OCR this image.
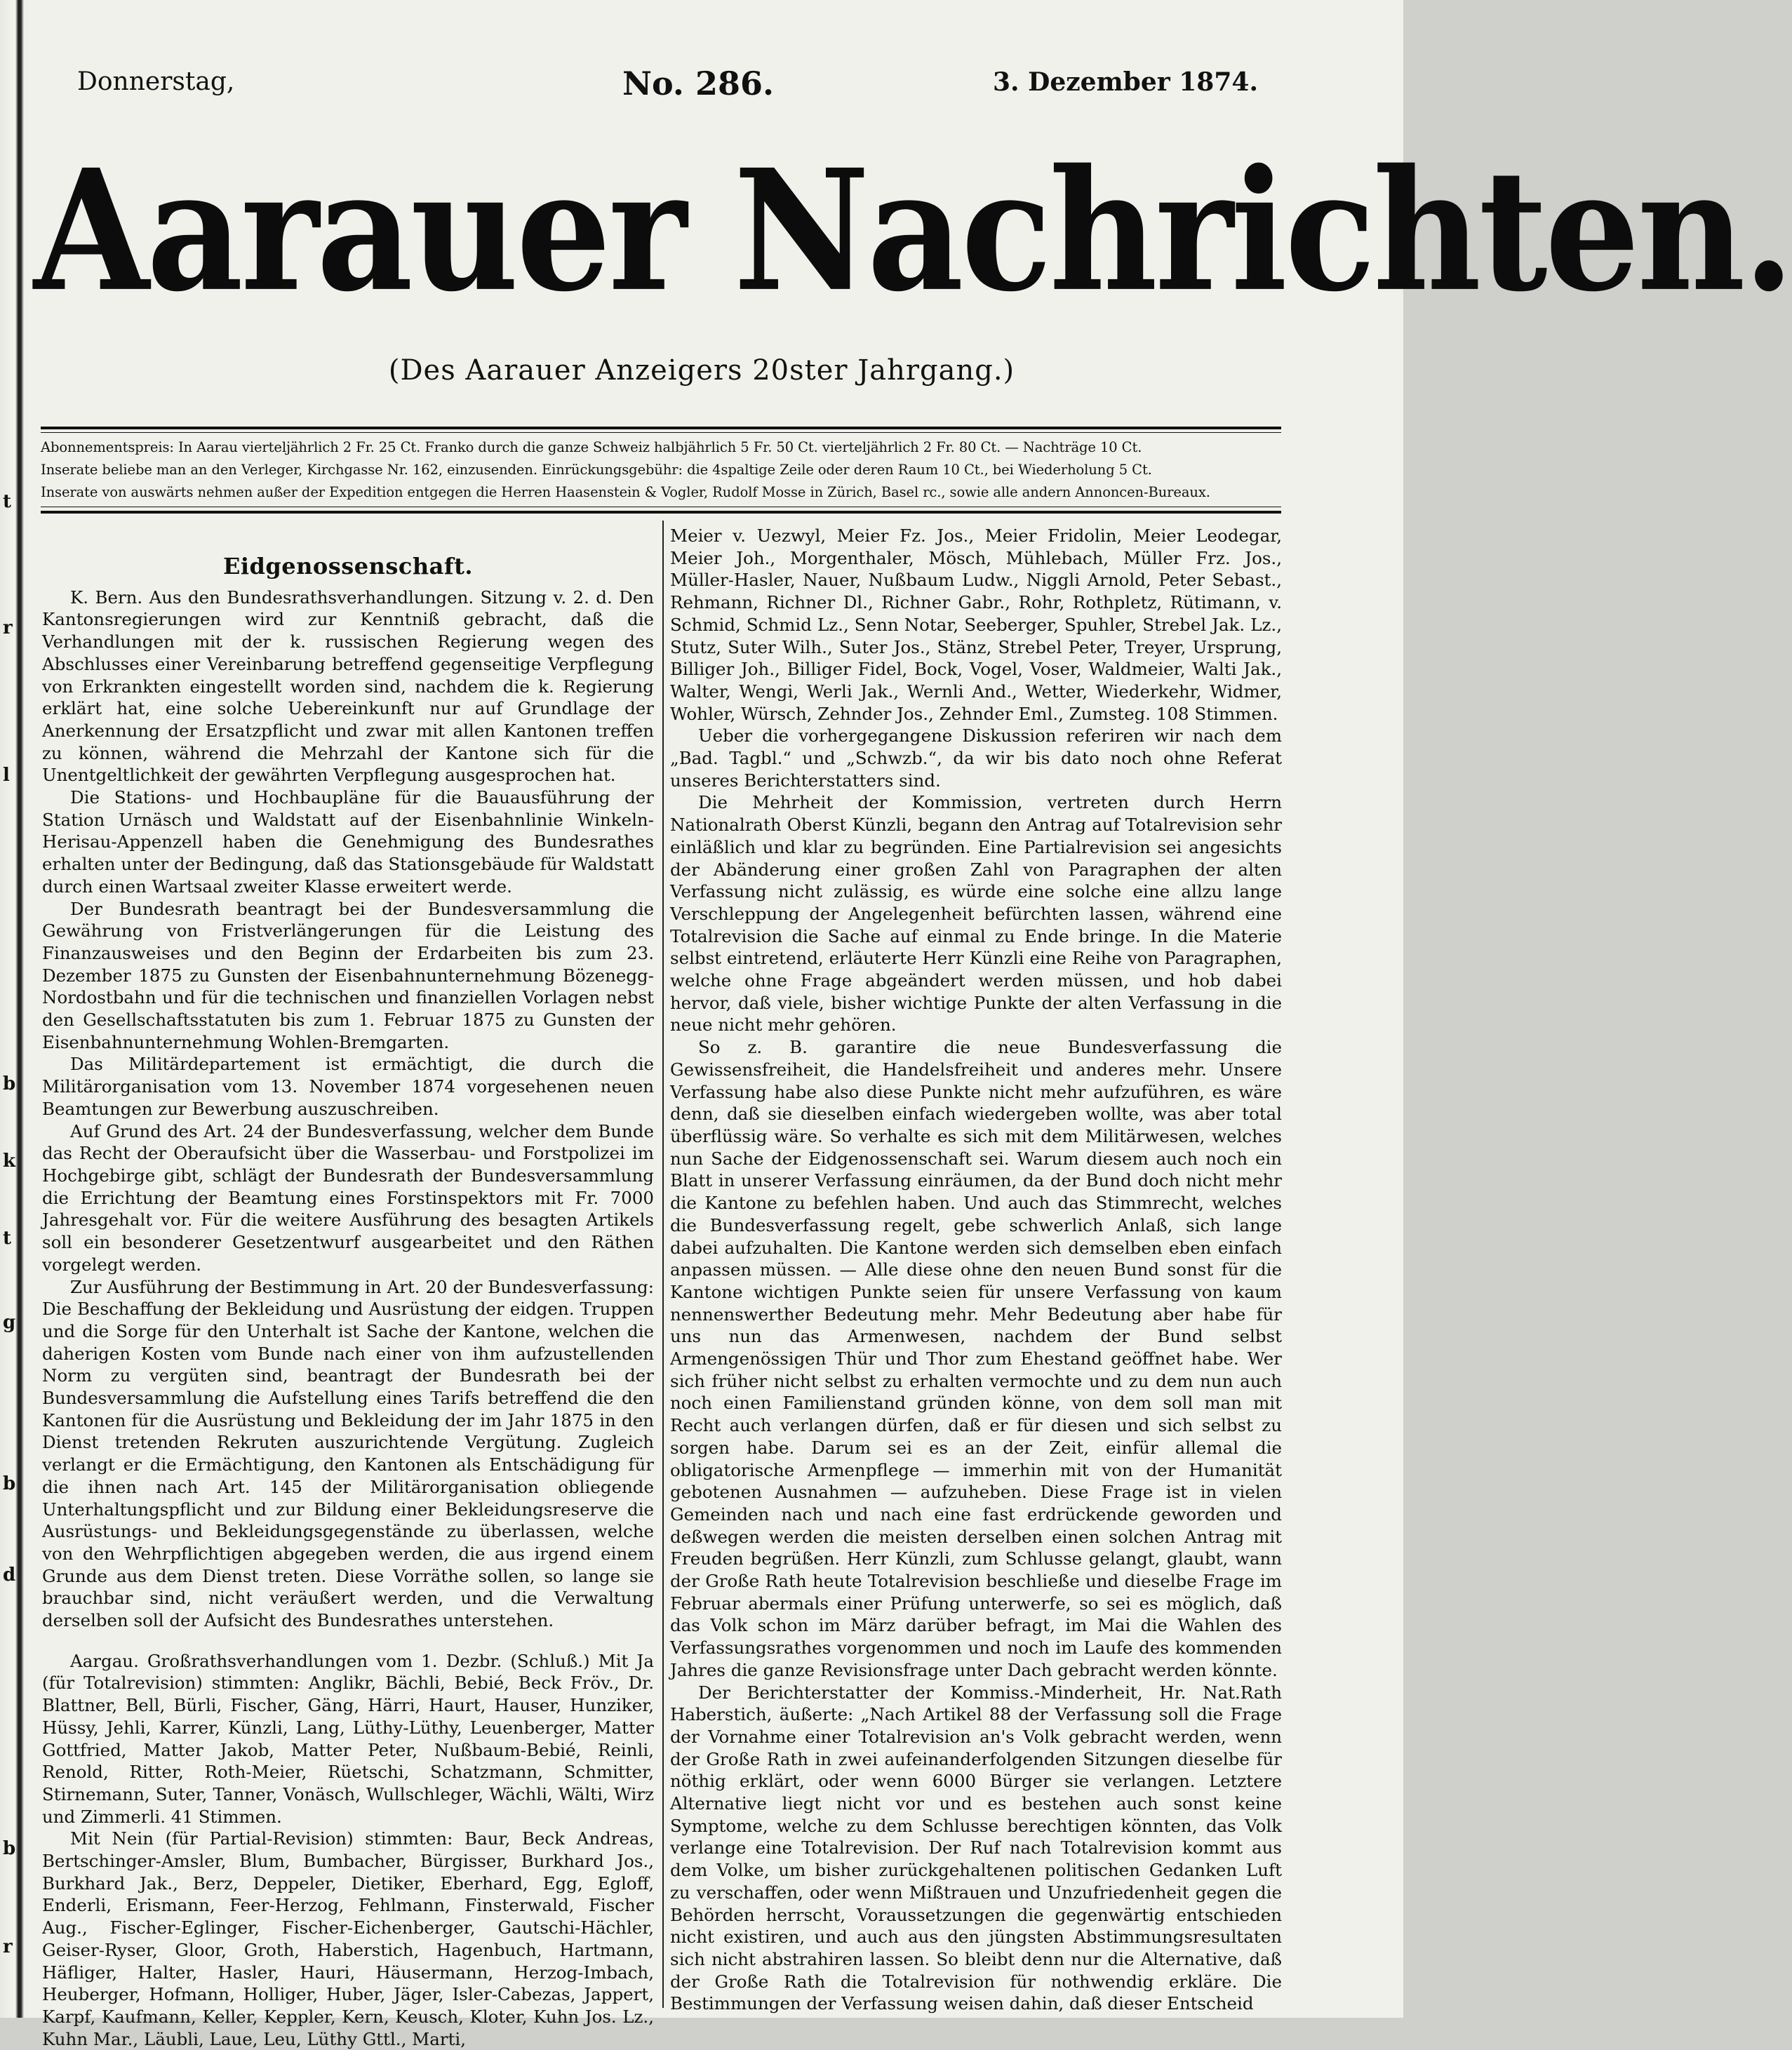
t
r
l
b
k
t
g
b
d
b
r
Donnerstag,	No. 286.	3. Dezember 1874.
Aarauer Nachrichten.
(Des Aarauer Anzeigers 20ster Jahrgang.)
Abonnementspreis: In Aarau vierteljährlich 2 Fr. 25 Ct. Franko durch die ganze Schweiz halbjährlich 5 Fr. 50 Ct. vierteljährlich 2 Fr. 80 Ct. — Nachträge 10 Ct.
Inserate beliebe man an den Verleger, Kirchgasse Nr. 162, einzusenden. Einrückungsgebühr: die 4spaltige Zeile oder deren Raum 10 Ct., bei Wiederholung 5 Ct.
Inserate von auswärts nehmen außer der Expedition entgegen die Herren Haasenstein & Vogler, Rudolf Mosse in Zürich, Basel rc., sowie alle andern Annoncen-Bureaux.
Eidgenossenschaft.

K. Bern. Aus den Bundesrathsverhandlungen. Sitzung v. 2. d. Den Kantonsregierungen wird zur Kenntniß gebracht, daß die Verhandlungen mit der k. russischen Regierung wegen des Abschlusses einer Vereinbarung betreffend gegenseitige Verpflegung von Erkrankten eingestellt worden sind, nachdem die k. Regierung erklärt hat, eine solche Uebereinkunft nur auf Grundlage der Anerkennung der Ersatzpflicht und zwar mit allen Kantonen treffen zu können, während die Mehrzahl der Kantone sich für die Unentgeltlichkeit der gewährten Verpflegung ausgesprochen hat.

Die Stations- und Hochbaupläne für die Bauausführung der Station Urnäsch und Waldstatt auf der Eisenbahnlinie Winkeln-Herisau-Appenzell haben die Genehmigung des Bundesrathes erhalten unter der Bedingung, daß das Stationsgebäude für Waldstatt durch einen Wartsaal zweiter Klasse erweitert werde.

Der Bundesrath beantragt bei der Bundesversammlung die Gewährung von Fristverlängerungen für die Leistung des Finanzausweises und den Beginn der Erdarbeiten bis zum 23. Dezember 1875 zu Gunsten der Eisenbahnunternehmung Bözenegg-Nordostbahn und für die technischen und finanziellen Vorlagen nebst den Gesellschaftsstatuten bis zum 1. Februar 1875 zu Gunsten der Eisenbahnunternehmung Wohlen-Bremgarten.

Das Militärdepartement ist ermächtigt, die durch die Militärorganisation vom 13. November 1874 vorgesehenen neuen Beamtungen zur Bewerbung auszuschreiben.

Auf Grund des Art. 24 der Bundesverfassung, welcher dem Bunde das Recht der Oberaufsicht über die Wasserbau- und Forstpolizei im Hochgebirge gibt, schlägt der Bundesrath der Bundesversammlung die Errichtung der Beamtung eines Forstinspektors mit Fr. 7000 Jahresgehalt vor. Für die weitere Ausführung des besagten Artikels soll ein besonderer Gesetzentwurf ausgearbeitet und den Räthen vorgelegt werden.

Zur Ausführung der Bestimmung in Art. 20 der Bundesverfassung: Die Beschaffung der Bekleidung und Ausrüstung der eidgen. Truppen und die Sorge für den Unterhalt ist Sache der Kantone, welchen die daherigen Kosten vom Bunde nach einer von ihm aufzustellenden Norm zu vergüten sind, beantragt der Bundesrath bei der Bundesversammlung die Aufstellung eines Tarifs betreffend die den Kantonen für die Ausrüstung und Bekleidung der im Jahr 1875 in den Dienst tretenden Rekruten auszurichtende Vergütung. Zugleich verlangt er die Ermächtigung, den Kantonen als Entschädigung für die ihnen nach Art. 145 der Militärorganisation obliegende Unterhaltungspflicht und zur Bildung einer Bekleidungsreserve die Ausrüstungs- und Bekleidungsgegenstände zu überlassen, welche von den Wehrpflichtigen abgegeben werden, die aus irgend einem Grunde aus dem Dienst treten. Diese Vorräthe sollen, so lange sie brauchbar sind, nicht veräußert werden, und die Verwaltung derselben soll der Aufsicht des Bundesrathes unterstehen.

Aargau. Großrathsverhandlungen vom 1. Dezbr. (Schluß.) Mit Ja (für Totalrevision) stimmten: Anglikr, Bächli, Bebié, Beck Fröv., Dr. Blattner, Bell, Bürli, Fischer, Gäng, Härri, Haurt, Hauser, Hunziker, Hüssy, Jehli, Karrer, Künzli, Lang, Lüthy-Lüthy, Leuenberger, Matter Gottfried, Matter Jakob, Matter Peter, Nußbaum-Bebié, Reinli, Renold, Ritter, Roth-Meier, Rüetschi, Schatzmann, Schmitter, Stirnemann, Suter, Tanner, Vonäsch, Wullschleger, Wächli, Wälti, Wirz und Zimmerli. 41 Stimmen.

Mit Nein (für Partial-Revision) stimmten: Baur, Beck Andreas, Bertschinger-Amsler, Blum, Bumbacher, Bürgisser, Burkhard Jos., Burkhard Jak., Berz, Deppeler, Dietiker, Eberhard, Egg, Egloff, Enderli, Erismann, Feer-Herzog, Fehlmann, Finsterwald, Fischer Aug., Fischer-Eglinger, Fischer-Eichenberger, Gautschi-Hächler, Geiser-Ryser, Gloor, Groth, Haberstich, Hagenbuch, Hartmann, Häfliger, Halter, Hasler, Hauri, Häusermann, Herzog-Imbach, Heuberger, Hofmann, Holliger, Huber, Jäger, Isler-Cabezas, Jappert, Karpf, Kaufmann, Keller, Keppler, Kern, Keusch, Kloter, Kuhn Jos. Lz., Kuhn Mar., Läubli, Laue, Leu, Lüthy Gttl., Marti,

Meier v. Uezwyl, Meier Fz. Jos., Meier Fridolin, Meier Leodegar, Meier Joh., Morgenthaler, Mösch, Mühlebach, Müller Frz. Jos., Müller-Hasler, Nauer, Nußbaum Ludw., Niggli Arnold, Peter Sebast., Rehmann, Richner Dl., Richner Gabr., Rohr, Rothpletz, Rütimann, v. Schmid, Schmid Lz., Senn Notar, Seeberger, Spuhler, Strebel Jak. Lz., Stutz, Suter Wilh., Suter Jos., Stänz, Strebel Peter, Treyer, Ursprung, Billiger Joh., Billiger Fidel, Bock, Vogel, Voser, Waldmeier, Walti Jak., Walter, Wengi, Werli Jak., Wernli And., Wetter, Wiederkehr, Widmer, Wohler, Würsch, Zehnder Jos., Zehnder Eml., Zumsteg. 108 Stimmen.

Ueber die vorhergegangene Diskussion referiren wir nach dem „Bad. Tagbl.“ und „Schwzb.“, da wir bis dato noch ohne Referat unseres Berichterstatters sind.

Die Mehrheit der Kommission, vertreten durch Herrn Nationalrath Oberst Künzli, begann den Antrag auf Totalrevision sehr einläßlich und klar zu begründen. Eine Partialrevision sei angesichts der Abänderung einer großen Zahl von Paragraphen der alten Verfassung nicht zulässig, es würde eine solche eine allzu lange Verschleppung der Angelegenheit befürchten lassen, während eine Totalrevision die Sache auf einmal zu Ende bringe. In die Materie selbst eintretend, erläuterte Herr Künzli eine Reihe von Paragraphen, welche ohne Frage abgeändert werden müssen, und hob dabei hervor, daß viele, bisher wichtige Punkte der alten Verfassung in die neue nicht mehr gehören.

So z. B. garantire die neue Bundesverfassung die Gewissensfreiheit, die Handelsfreiheit und anderes mehr. Unsere Verfassung habe also diese Punkte nicht mehr aufzuführen, es wäre denn, daß sie dieselben einfach wiedergeben wollte, was aber total überflüssig wäre. So verhalte es sich mit dem Militärwesen, welches nun Sache der Eidgenossenschaft sei. Warum diesem auch noch ein Blatt in unserer Verfassung einräumen, da der Bund doch nicht mehr die Kantone zu befehlen haben. Und auch das Stimmrecht, welches die Bundesverfassung regelt, gebe schwerlich Anlaß, sich lange dabei aufzuhalten. Die Kantone werden sich demselben eben einfach anpassen müssen. — Alle diese ohne den neuen Bund sonst für die Kantone wichtigen Punkte seien für unsere Verfassung von kaum nennenswerther Bedeutung mehr. Mehr Bedeutung aber habe für uns nun das Armenwesen, nachdem der Bund selbst Armengenössigen Thür und Thor zum Ehestand geöffnet habe. Wer sich früher nicht selbst zu erhalten vermochte und zu dem nun auch noch einen Familienstand gründen könne, von dem soll man mit Recht auch verlangen dürfen, daß er für diesen und sich selbst zu sorgen habe. Darum sei es an der Zeit, einfür allemal die obligatorische Armenpflege — immerhin mit von der Humanität gebotenen Ausnahmen — aufzuheben. Diese Frage ist in vielen Gemeinden nach und nach eine fast erdrückende geworden und deßwegen werden die meisten derselben einen solchen Antrag mit Freuden begrüßen. Herr Künzli, zum Schlusse gelangt, glaubt, wann der Große Rath heute Totalrevision beschließe und dieselbe Frage im Februar abermals einer Prüfung unterwerfe, so sei es möglich, daß das Volk schon im März darüber befragt, im Mai die Wahlen des Verfassungsrathes vorgenommen und noch im Laufe des kommenden Jahres die ganze Revisionsfrage unter Dach gebracht werden könnte.

Der Berichterstatter der Kommiss.-Minderheit, Hr. Nat.Rath Haberstich, äußerte: „Nach Artikel 88 der Verfassung soll die Frage der Vornahme einer Totalrevision an's Volk gebracht werden, wenn der Große Rath in zwei aufeinanderfolgenden Sitzungen dieselbe für nöthig erklärt, oder wenn 6000 Bürger sie verlangen. Letztere Alternative liegt nicht vor und es bestehen auch sonst keine Symptome, welche zu dem Schlusse berechtigen könnten, das Volk verlange eine Totalrevision. Der Ruf nach Totalrevision kommt aus dem Volke, um bisher zurückgehaltenen politischen Gedanken Luft zu verschaffen, oder wenn Mißtrauen und Unzufriedenheit gegen die Behörden herrscht, Voraussetzungen die gegenwärtig entschieden nicht existiren, und auch aus den jüngsten Abstimmungsresultaten sich nicht abstrahiren lassen. So bleibt denn nur die Alternative, daß der Große Rath die Totalrevision für nothwendig erkläre. Die Bestimmungen der Verfassung weisen dahin, daß dieser Entscheid
